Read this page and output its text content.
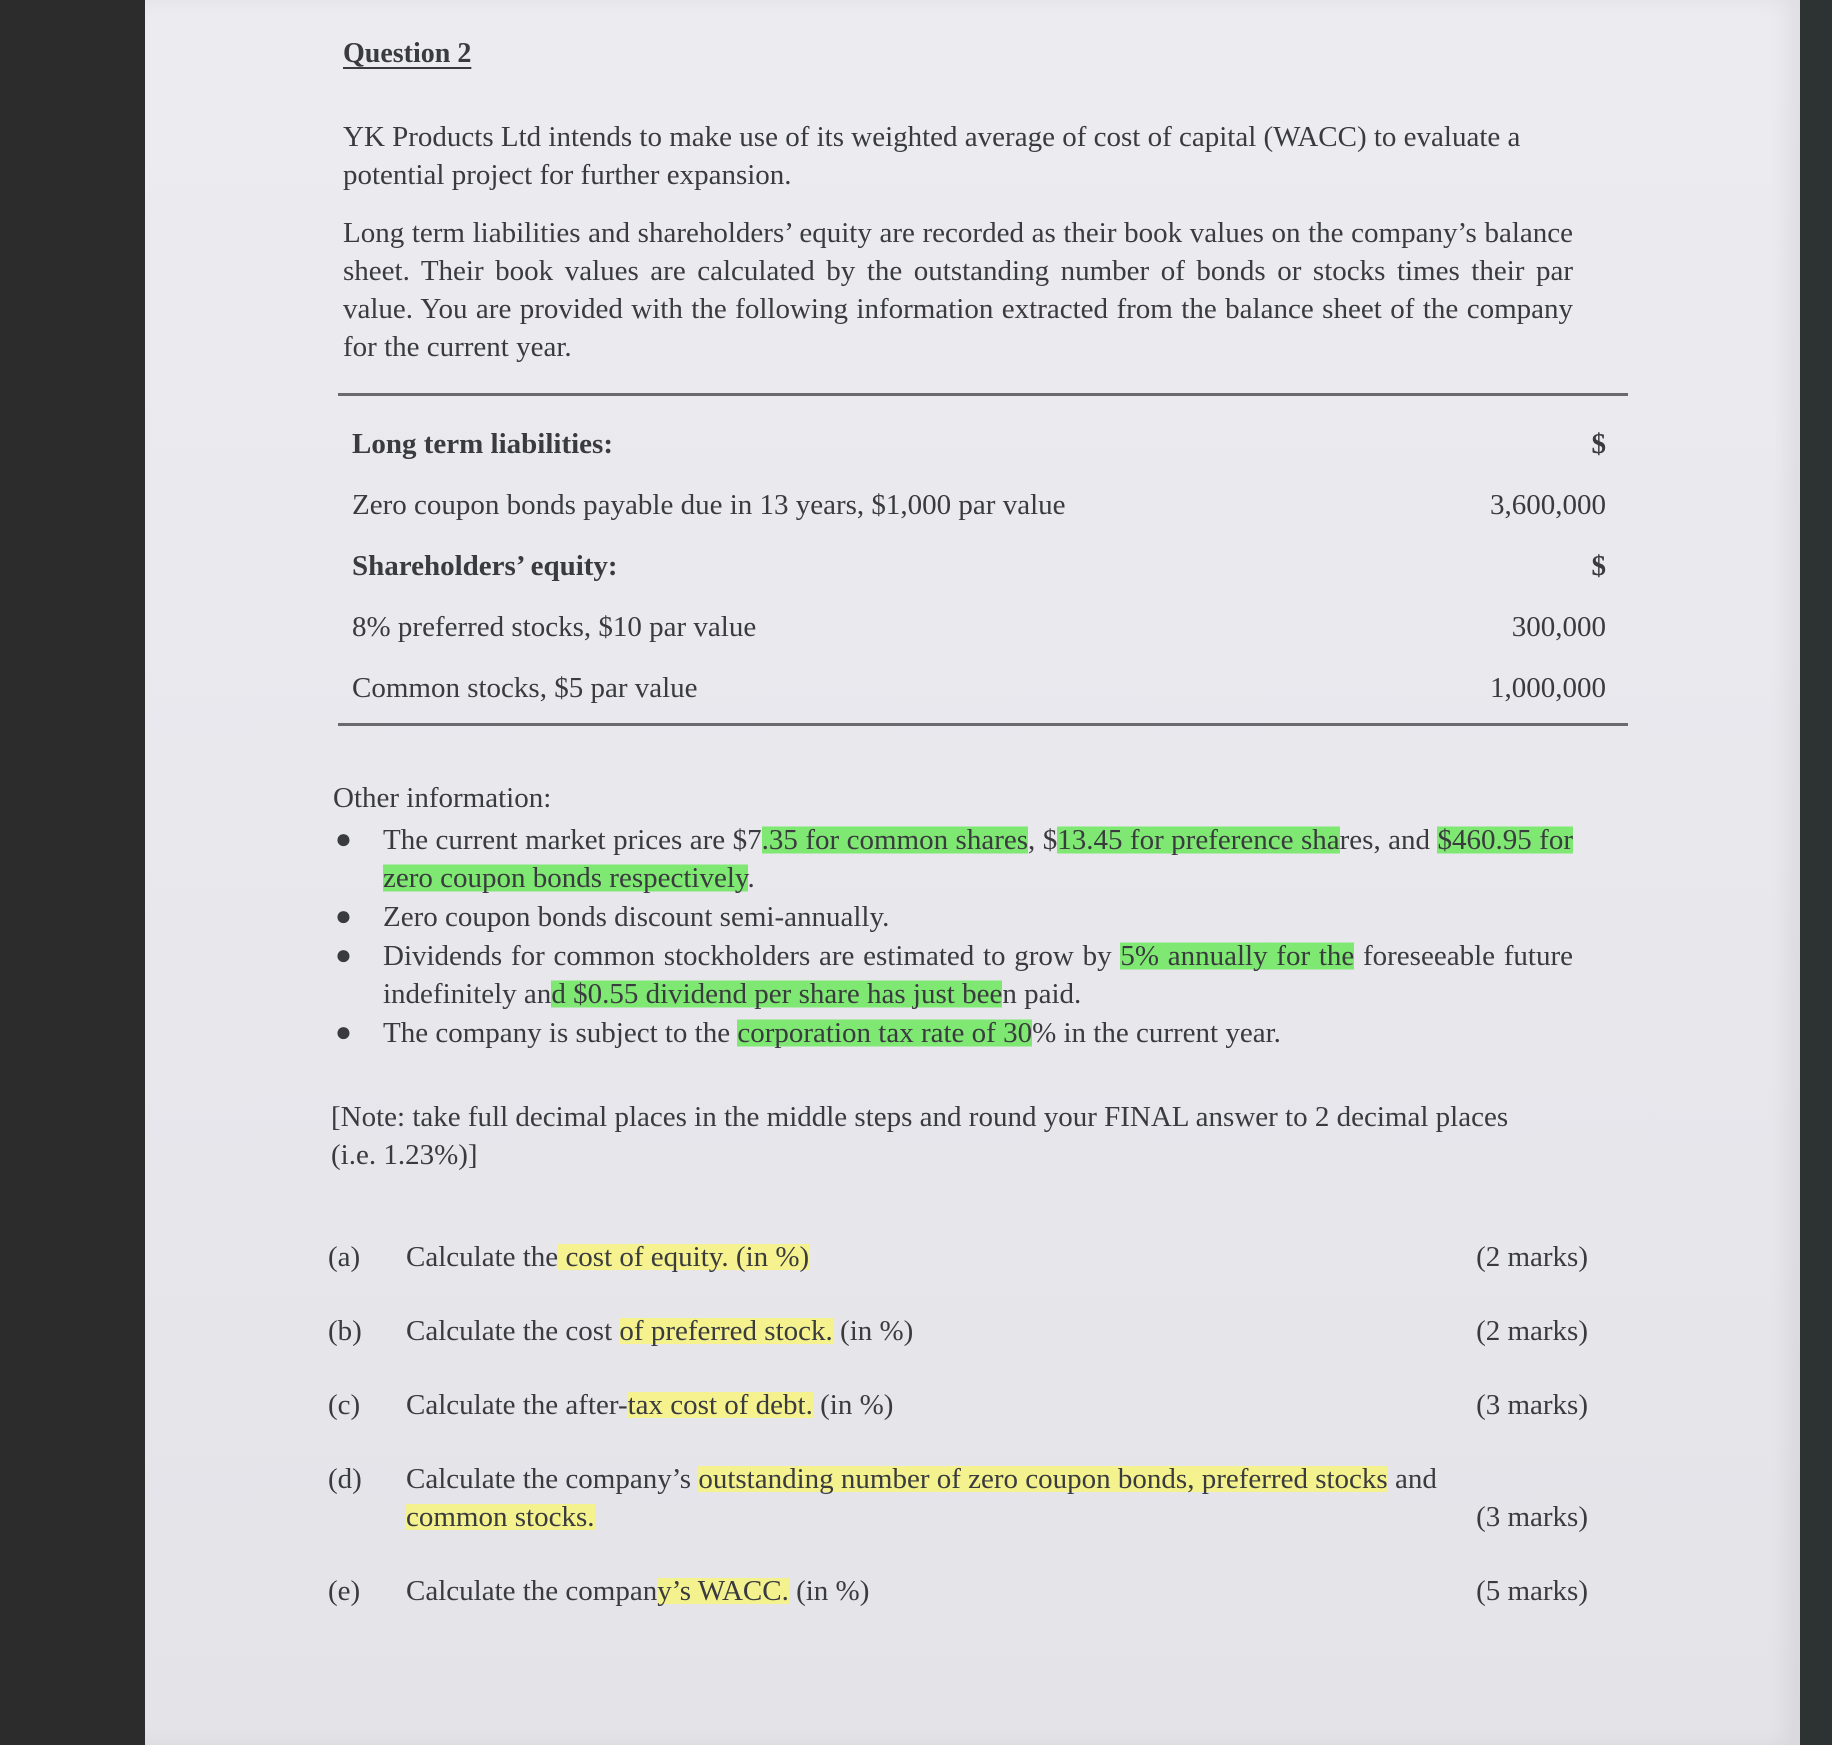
Question 2

YK Products Ltd intends to make use of its weighted average of cost of capital (WACC) to evaluate a potential project for further expansion.

Long term liabilities and shareholders’ equity are recorded as their book values on the company’s balance sheet. Their book values are calculated by the outstanding number of bonds or stocks times their par value. You are provided with the following information extracted from the balance sheet of the company for the current year.

Long term liabilities:	$
Zero coupon bonds payable due in 13 years, $1,000 par value	3,600,000
Shareholders’ equity:	$
8% preferred stocks, $10 par value	300,000
Common stocks, $5 par value	1,000,000
Other information:
● The current market prices are $7.35 for common shares, $13.45 for preference shares, and $460.95 for zero coupon bonds respectively.
● Zero coupon bonds discount semi-annually.
● Dividends for common stockholders are estimated to grow by 5% annually for the foreseeable future indefinitely and $0.55 dividend per share has just been paid.
● The company is subject to the corporation tax rate of 30% in the current year.
[Note: take full decimal places in the middle steps and round your FINAL answer to 2 decimal places (i.e. 1.23%)]
(a)	Calculate the cost of equity. (in %)	(2 marks)
(b)	Calculate the cost of preferred stock. (in %)	(2 marks)
(c)	Calculate the after-tax cost of debt. (in %)	(3 marks)
(d)	Calculate the company’s outstanding number of zero coupon bonds, preferred stocks and common stocks.	(3 marks)
(e)	Calculate the company’s WACC. (in %)	(5 marks)
